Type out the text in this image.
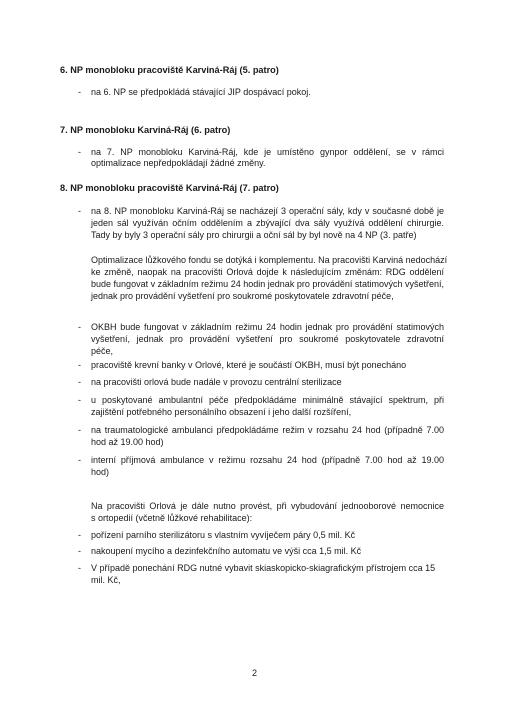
6. NP monobloku pracoviště Karviná-Ráj (5. patro)
- na 6. NP se předpokládá stávající JIP dospávací pokoj.
7. NP monobloku Karviná-Ráj (6. patro)
- na 7. NP monobloku Karviná-Ráj, kde je umístěno gynpor oddělení, se v rámci
optimalizace nepředpokládají žádné změny.
8. NP monobloku pracoviště Karviná-Ráj (7. patro)
- na 8. NP monobloku Karviná-Ráj se nacházejí 3 operační sály, kdy v současné době je
jeden sál využíván očním oddělením a zbývající dva sály využívá oddělení chirurgie.
Tady by byly 3 operační sály pro chirurgii a oční sál by byl nově na 4 NP (3. patře)
Optimalizace lůžkového fondu se dotýká i komplementu. Na pracovišti Karviná nedochází
ke změně, naopak na pracovišti Orlová dojde k následujícím změnám: RDG oddělení
bude fungovat v základním režimu 24 hodin jednak pro provádění statimových vyšetření,
jednak pro provádění vyšetření pro soukromé poskytovatele zdravotní péče,
- OKBH bude fungovat v základním režimu 24 hodin jednak pro provádění statimových
vyšetření, jednak pro provádění vyšetření pro soukromé poskytovatele zdravotní
péče,
- pracoviště krevní banky v Orlové, které je součástí OKBH, musí být ponecháno
- na pracovišti orlová bude nadále v provozu centrální sterilizace
- u poskytované ambulantní péče předpokládáme minimálně stávající spektrum, při
zajištění potřebného personálního obsazení i jeho další rozšíření,
- na traumatologické ambulanci předpokládáme režim v rozsahu 24 hod (případně 7.00
hod až 19.00 hod)
- interní příjmová ambulance v režimu rozsahu 24 hod (případně 7.00 hod až 19.00
hod)
Na pracovišti Orlová je dále nutno provést, při vybudování jednooborové nemocnice
s ortopedií (včetně lůžkové rehabilitace):
- pořízení parního sterilizátoru s vlastním vyvíječem páry 0,5 mil. Kč
- nakoupení mycího a dezinfekčního automatu ve výši cca 1,5 mil. Kč
- V případě ponechání RDG nutné vybavit skiaskopicko-skiagrafickým přístrojem cca 15
mil. Kč,
2
